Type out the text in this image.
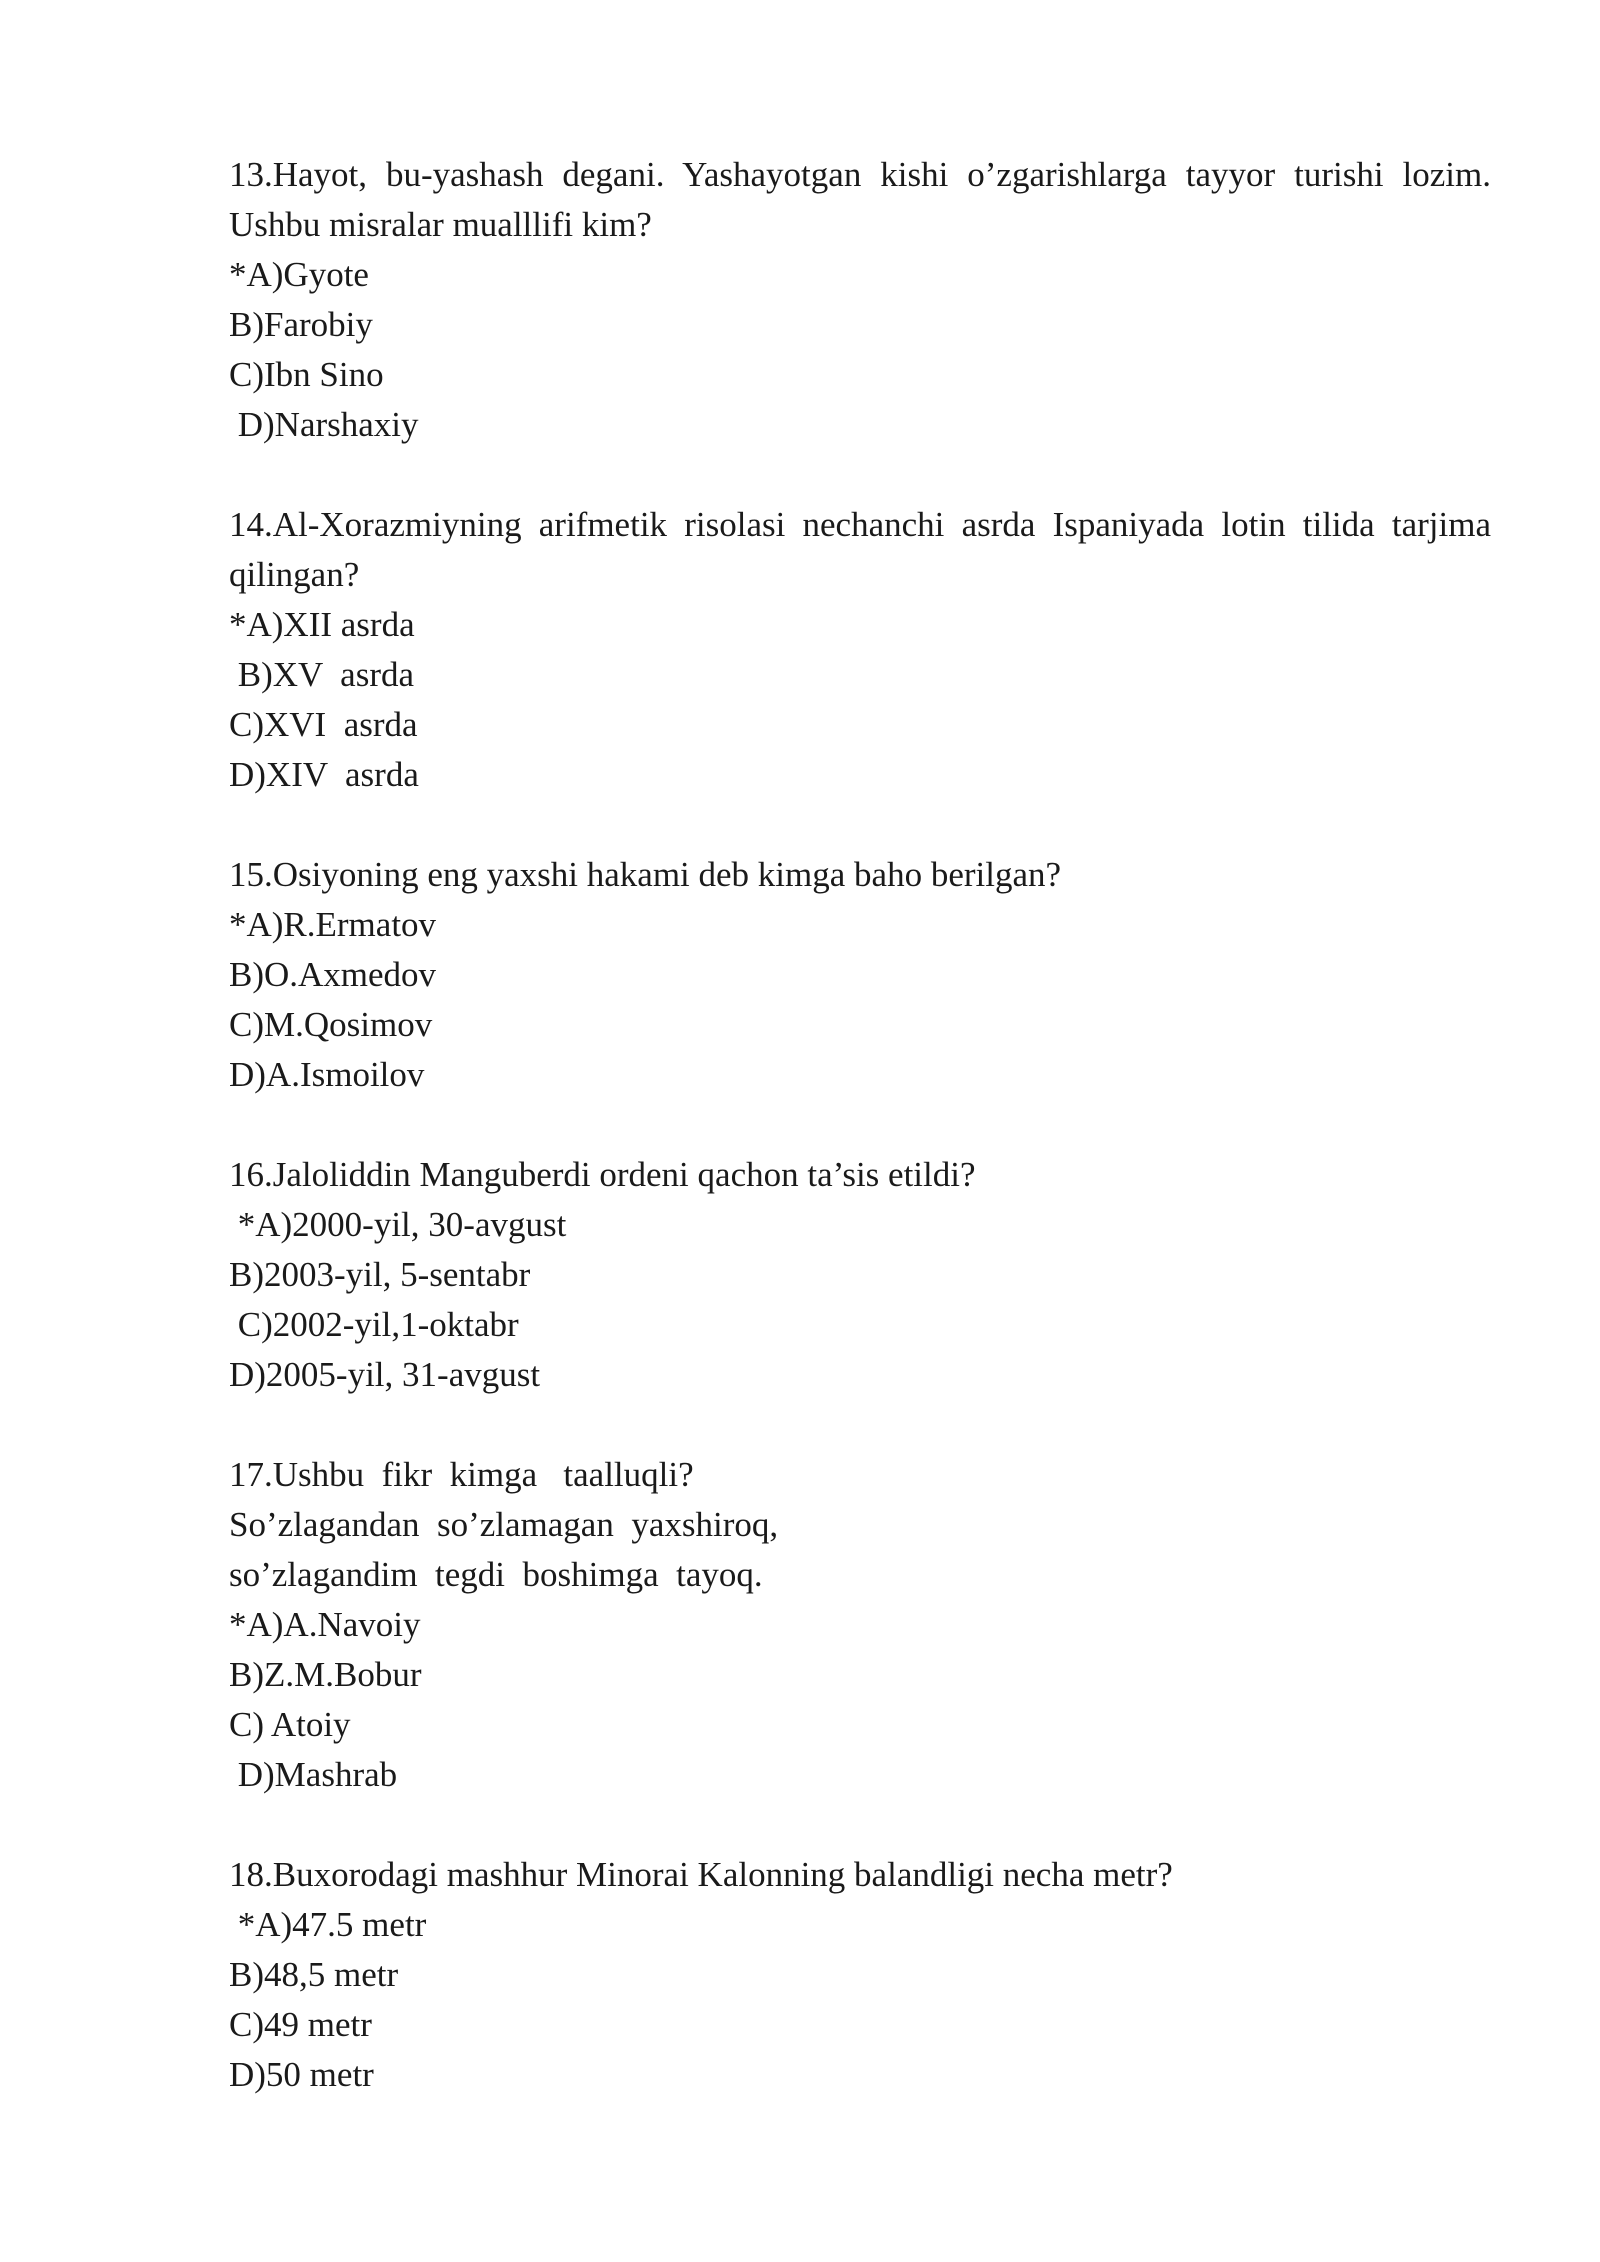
13.Hayot, bu-yashash degani. Yashayotgan kishi o’zgarishlarga tayyor turishi lozim. Ushbu misralar mualllifi kim?

*A)Gyote

B)Farobiy

C)Ibn Sino

D)Narshaxiy

14.Al-Xorazmiyning arifmetik risolasi nechanchi asrda Ispaniyada lotin tilida tarjima qilingan?

*A)XII asrda

B)XV  asrda

C)XVI  asrda

D)XIV  asrda

15.Osiyoning eng yaxshi hakami deb kimga baho berilgan?

*A)R.Ermatov

B)O.Axmedov

C)M.Qosimov

D)A.Ismoilov

16.Jaloliddin Manguberdi ordeni qachon ta’sis etildi?

*A)2000-yil, 30-avgust

B)2003-yil, 5-sentabr

C)2002-yil,1-oktabr

D)2005-yil, 31-avgust

17.Ushbu  fikr  kimga   taalluqli?

So’zlagandan  so’zlamagan  yaxshiroq,

so’zlagandim  tegdi  boshimga  tayoq.

*A)A.Navoiy

B)Z.M.Bobur

C) Atoiy

D)Mashrab

18.Buxorodagi mashhur Minorai Kalonning balandligi necha metr?

*A)47.5 metr

B)48,5 metr

C)49 metr

D)50 metr
